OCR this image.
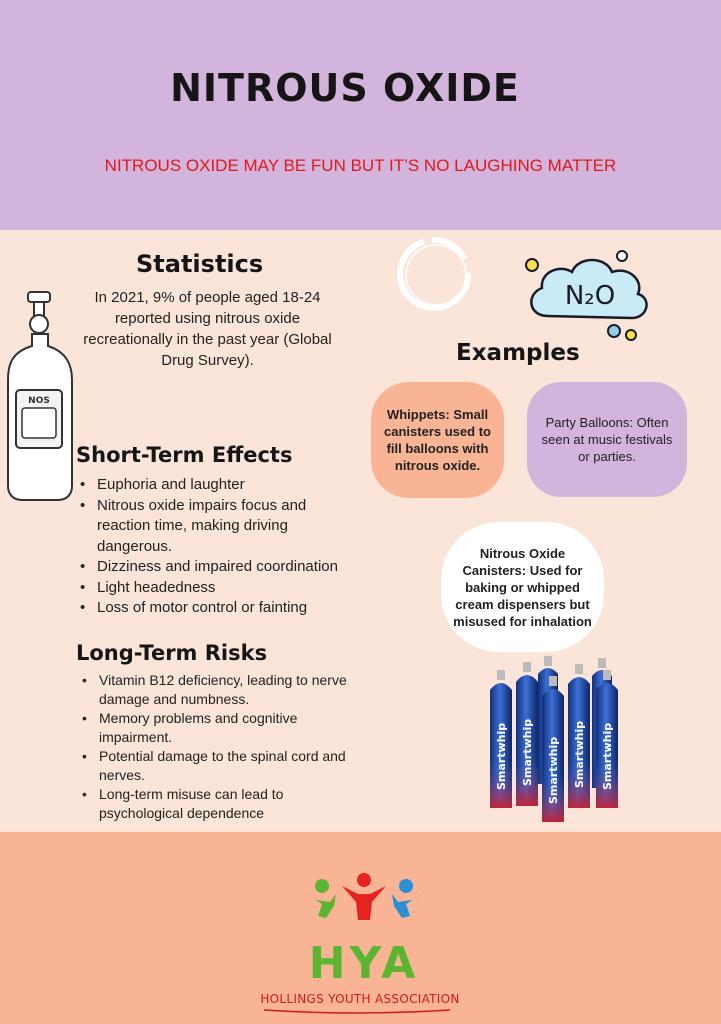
NITROUS OXIDE

NITROUS OXIDE MAY BE FUN BUT IT’S NO LAUGHING MATTER

N₂O
NOS
Statistics

In 2021, 9% of people aged 18-24 reported using nitrous oxide recreationally in the past year (Global Drug Survey).

Short-Term Effects
• Euphoria and laughter
• Nitrous oxide impairs focus and reaction time, making driving dangerous.
• Dizziness and impaired coordination
• Light headedness
• Loss of motor control or fainting
Long-Term Risks
• Vitamin B12 deficiency, leading to nerve damage and numbness.
• Memory problems and cognitive impairment.
• Potential damage to the spinal cord and nerves.
• Long-term misuse can lead to psychological dependence
Examples
Whippets: Small canisters used to fill balloons with nitrous oxide.
Party Balloons: Often seen at music festivals or parties.
Nitrous Oxide Canisters: Used for baking or whipped cream dispensers but misused for inhalation
Smartwhip Smartwhip Smartwhip Smartwhip Smartwhip
HYA
HOLLINGS YOUTH ASSOCIATION
